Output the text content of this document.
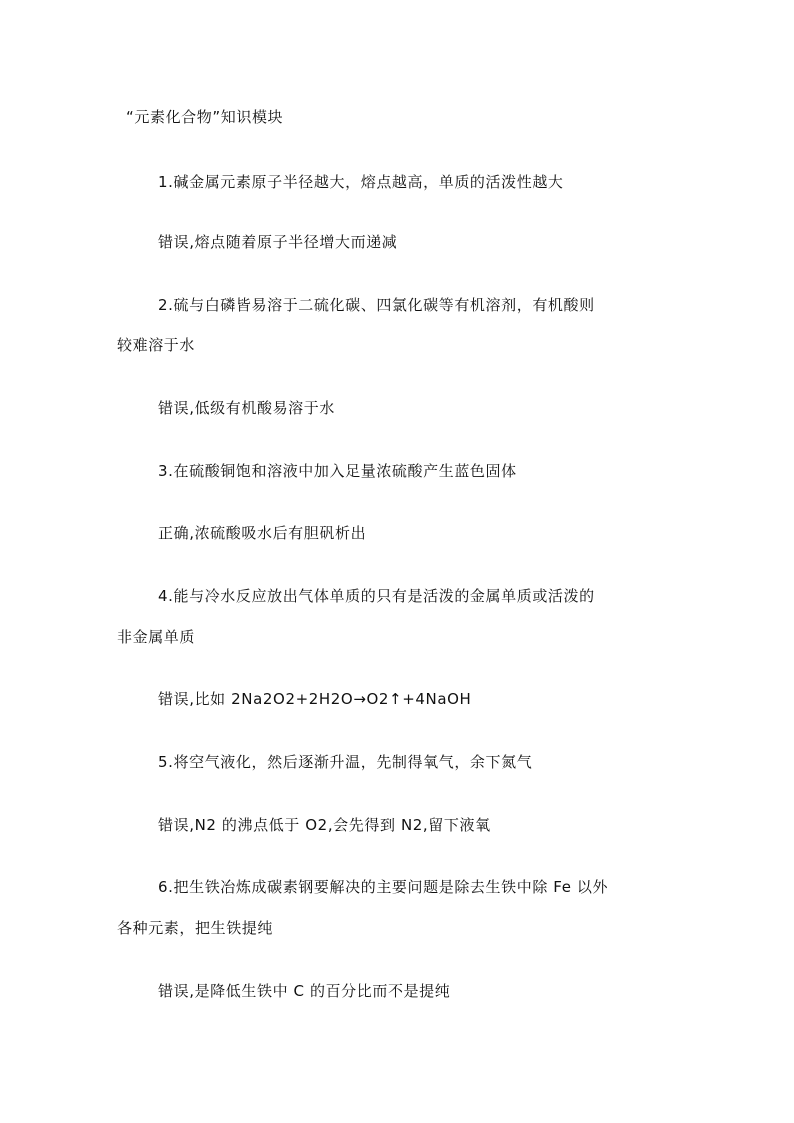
“元素化合物”知识模块
1.碱金属元素原子半径越大，熔点越高，单质的活泼性越大
错误,熔点随着原子半径增大而递减
2.硫与白磷皆易溶于二硫化碳、四氯化碳等有机溶剂，有机酸则
较难溶于水
错误,低级有机酸易溶于水
3.在硫酸铜饱和溶液中加入足量浓硫酸产生蓝色固体
正确,浓硫酸吸水后有胆矾析出
4.能与冷水反应放出气体单质的只有是活泼的金属单质或活泼的
非金属单质
错误,比如 2Na2O2+2H2O→O2↑+4NaOH
5.将空气液化，然后逐渐升温，先制得氧气，余下氮气
错误,N2 的沸点低于 O2,会先得到 N2,留下液氧
6.把生铁冶炼成碳素钢要解决的主要问题是除去生铁中除 Fe 以外
各种元素，把生铁提纯
错误,是降低生铁中 C 的百分比而不是提纯
